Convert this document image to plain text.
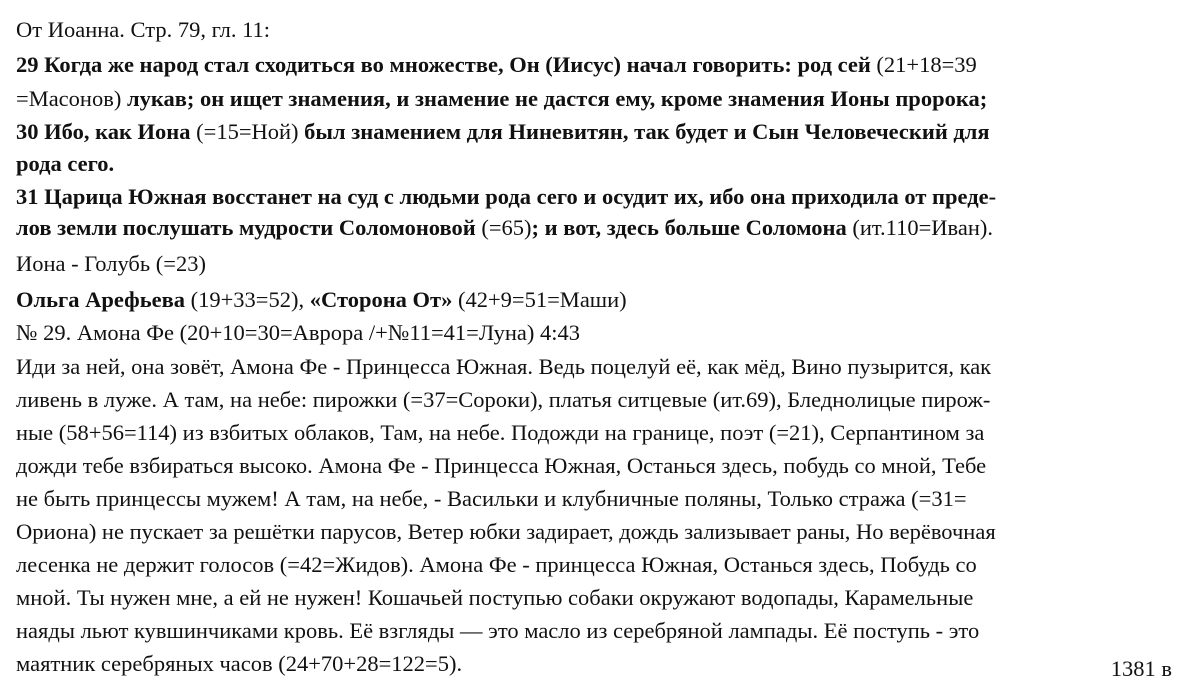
От Иоанна. Стр. 79, гл. 11:
29 Когда же народ стал сходиться во множестве, Он (Иисус) начал говорить: род сей (21+18=39
=Масонов) лукав; он ищет знамения, и знамение не дастся ему, кроме знамения Ионы пророка;
30 Ибо, как Иона (=15=Ной) был знамением для Ниневитян, так будет и Сын Человеческий для
рода сего.
31 Царица Южная восстанет на суд с людьми рода сего и осудит их, ибо она приходила от преде-
лов земли послушать мудрости Соломоновой (=65); и вот, здесь больше Соломона (ит.110=Иван).
Иона - Голубь (=23)
Ольга Арефьева (19+33=52), «Сторона От» (42+9=51=Маши)
№ 29. Амона Фе (20+10=30=Аврора /+№11=41=Луна) 4:43
Иди за ней, она зовёт, Амона Фе - Принцесса Южная. Ведь поцелуй её, как мёд, Вино пузырится, как
ливень в луже. А там, на небе: пирожки (=37=Сороки), платья ситцевые (ит.69), Бледнолицые пирож-
ные (58+56=114) из взбитых облаков, Там, на небе. Подожди на границе, поэт (=21), Серпантином за
дожди тебе взбираться высоко. Амона Фе - Принцесса Южная, Останься здесь, побудь со мной, Тебе
не быть принцессы мужем! А там, на небе, - Васильки и клубничные поляны, Только стража (=31=
Ориона) не пускает за решётки парусов, Ветер юбки задирает, дождь зализывает раны, Но верёвочная
лесенка не держит голосов (=42=Жидов). Амона Фе - принцесса Южная, Останься здесь, Побудь со
мной. Ты нужен мне, а ей не нужен! Кошачьей поступью собаки окружают водопады, Карамельные
наяды льют кувшинчиками кровь. Её взгляды — это масло из серебряной лампады. Её поступь - это
маятник серебряных часов (24+70+28=122=5).	1381 в
